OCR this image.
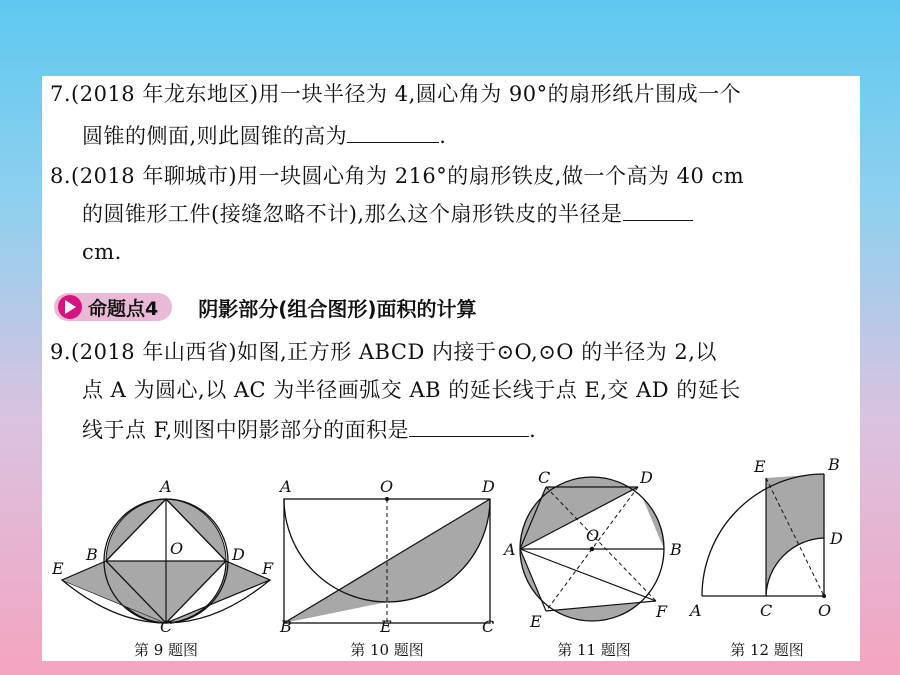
7.(2018 年龙东地区)用一块半径为 4,圆心角为 90°的扇形纸片围成一个
圆锥的侧面,则此圆锥的高为	.
8.(2018 年聊城市)用一块圆心角为 216°的扇形铁皮,做一个高为 40 cm
的圆锥形工件(接缝忽略不计),那么这个扇形铁皮的半径是
cm.
命题点4 阴影部分(组合图形)面积的计算
9.(2018 年山西省)如图,正方形 ABCD 内接于⊙O,⊙O 的半径为 2,以
点 A 为圆心,以 AC 为半径画弧交 AB 的延长线于点 E,交 AD 的延长
线于点 F,则图中阴影部分的面积是	.
A
B
C
D
E	F
O
第 9 题图
A
B	C
D
E
O
第 10 题图
A	B
C	D
E
F
O
第 11 题图
A
B
C
D
E
O
第 12 题图
